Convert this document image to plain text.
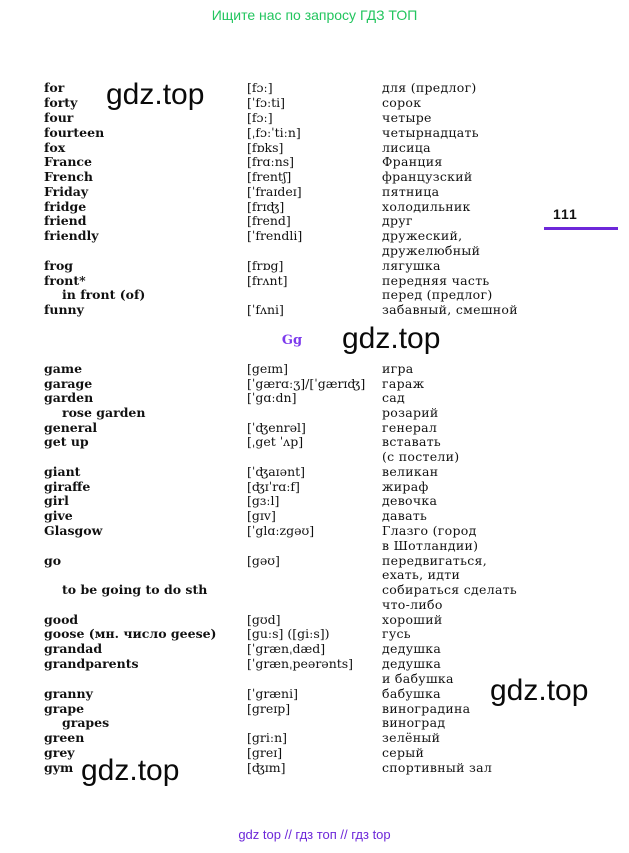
Ищите нас по запросу ГДЗ ТОП
gdz.top
gdz.top
gdz.top
gdz.top
111
Gg
for	[fɔː]	для (предлог)
forty	[ˈfɔːti]	сорок
four	[fɔː]	четыре
fourteen	[ˌfɔːˈtiːn]	четырнадцать
fox	[fɒks]	лисица
France	[frɑːns]	Франция
French	[frentʃ]	французский
Friday	[ˈfraɪdeɪ]	пятница
fridge	[frɪʤ]	холодильник
friend	[frend]	друг
friendly	[ˈfrendli]	дружеский,
дружелюбный
frog	[frɒg]	лягушка
front*	[frʌnt]	передняя часть
in front (of)	перед (предлог)
funny	[ˈfʌni]	забавный, смешной
game	[geɪm]	игра
garage	[ˈgærɑːʒ]/[ˈgærɪʤ] гараж
garden	[ˈgɑːdn]	сад
rose garden	розарий
general	[ˈʤenrəl]	генерал
get up	[ˌget ˈʌp]	вставать
(с постели)
giant	[ˈʤaɪənt]	великан
giraffe	[ʤɪˈrɑːf]	жираф
girl	[gɜːl]	девочка
give	[gɪv]	давать
Glasgow	[ˈglɑːzgəʊ]	Глазго (город
в Шотландии)
go	[gəʊ]	передвигаться,
ехать, идти
to be going to do sth	собираться сделать
что-либо
good	[gʊd]	хороший
goose (мн. число geese) [guːs] ([giːs])	гусь
grandad	[ˈgrænˌdæd]	дедушка
grandparents	[ˈgrænˌpeərənts] дедушка
и бабушка
granny	[ˈgræni]	бабушка
grape	[greɪp]	виноградина
grapes	виноград
green	[griːn]	зелёный
grey	[greɪ]	серый
gym	[ʤɪm]	спортивный зал
gdz top // гдз топ // гдз top
